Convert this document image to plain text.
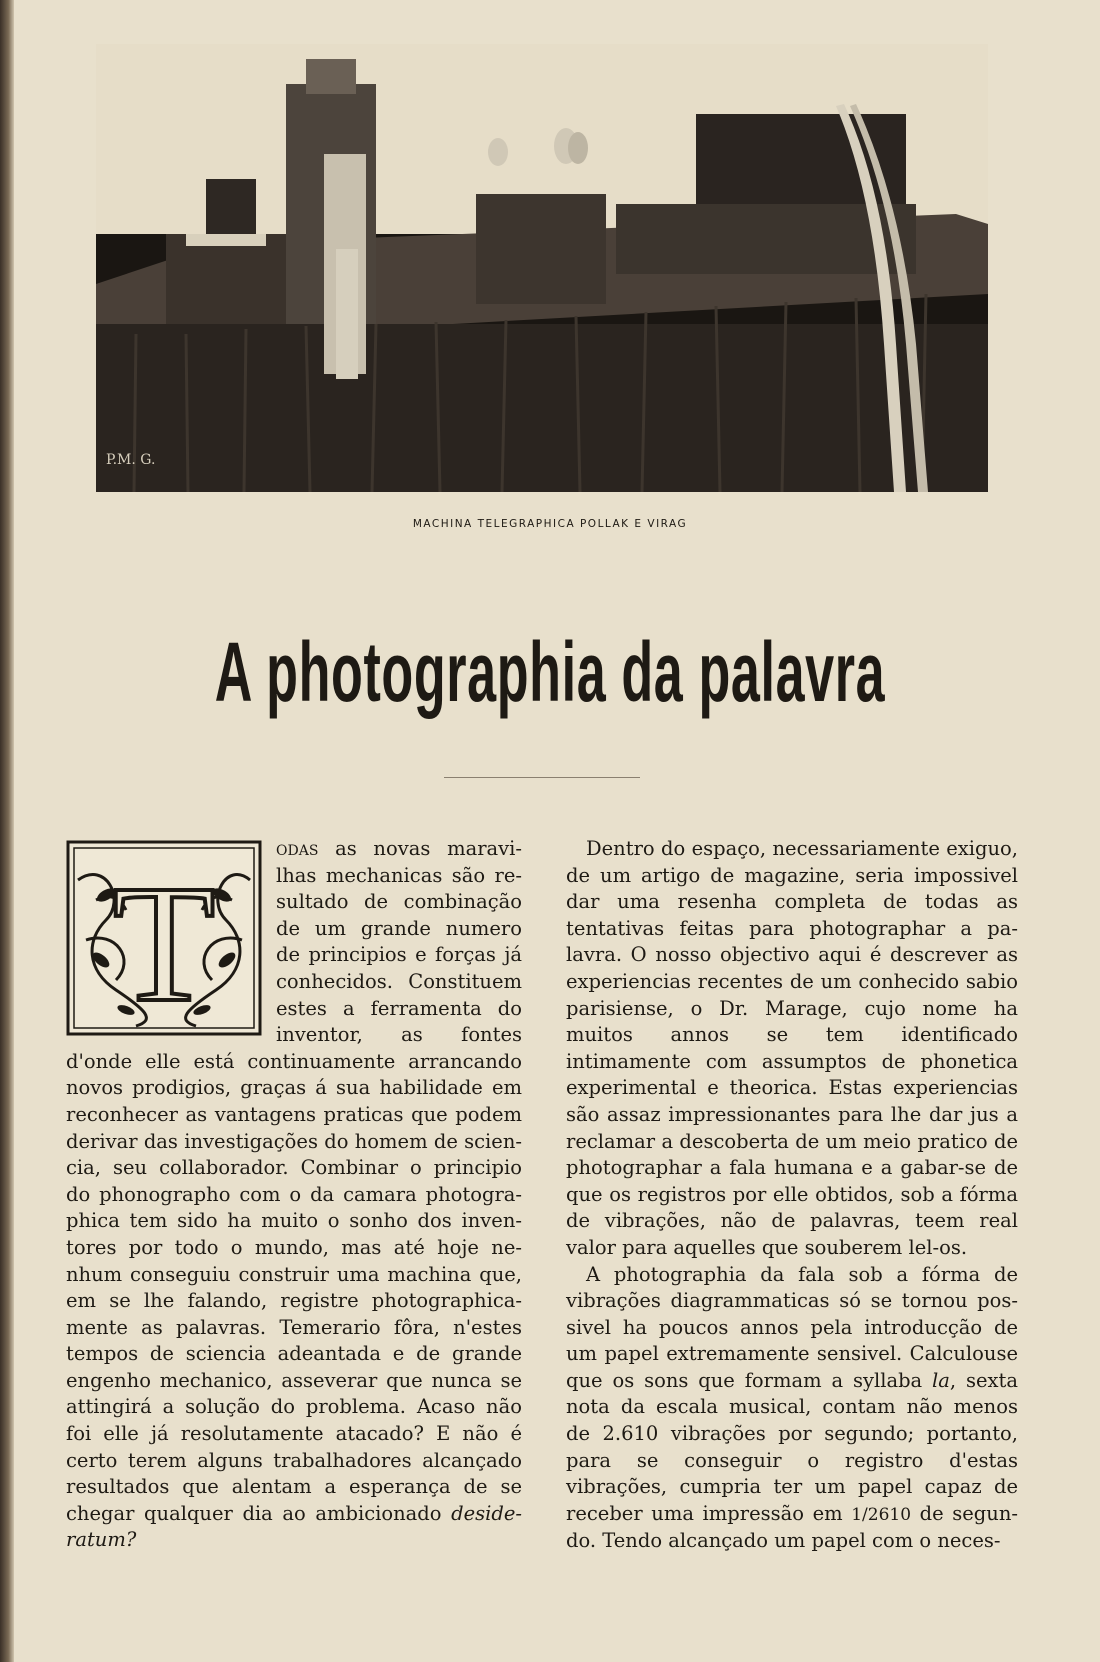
P.M. G.
MACHINA TELEGRAPHICA POLLAK E VIRAG
A photographia da palavra
T

odas as novas maravilhas mechanicas são resultado de combinação de um grande numero de principios e forças já conhecidos. Constituem estes a ferramenta do inventor, as fontes d'onde elle está continuamente arrancando novos prodigios, graças á sua habilidade em reconhecer as vantagens praticas que podem derivar das investigações do homem de sciencia, seu collaborador. Combinar o principio do phonographo com o da camara photographica tem sido ha muito o sonho dos inventores por todo o mundo, mas até hoje nenhum conseguiu construir uma machina que, em se lhe falando, registre photographicamente as palavras. Temerario fôra, n'estes tempos de sciencia adeantada e de grande engenho mechanico, asseverar que nunca se attingirá a solução do problema. Acaso não foi elle já resolutamente atacado? E não é certo terem alguns trabalhadores alcançado resultados que alentam a esperança de se chegar qualquer dia ao ambicionado desideratum?

Dentro do espaço, necessariamente exiguo, de um artigo de magazine, seria impossivel dar uma resenha completa de todas as tentativas feitas para photographar a palavra. O nosso objectivo aqui é descrever as experiencias recentes de um conhecido sabio parisiense, o Dr. Marage, cujo nome ha muitos annos se tem identificado intimamente com assumptos de phonetica experimental e theorica. Estas experiencias são assaz impressionantes para lhe dar jus a reclamar a descoberta de um meio pratico de photographar a fala humana e a gabar-se de que os registros por elle obtidos, sob a fórma de vibrações, não de palavras, teem real valor para aquelles que souberem lel-os.

A photographia da fala sob a fórma de vibrações diagrammaticas só se tornou possivel ha poucos annos pela introducção de um papel extremamente sensivel. Calculouse que os sons que formam a syllaba la, sexta nota da escala musical, contam não menos de 2.610 vibrações por segundo; portanto, para se conseguir o registro d'estas vibrações, cumpria ter um papel capaz de receber uma impressão em 1/2610 de segundo. Tendo alcançado um papel com o neces-
